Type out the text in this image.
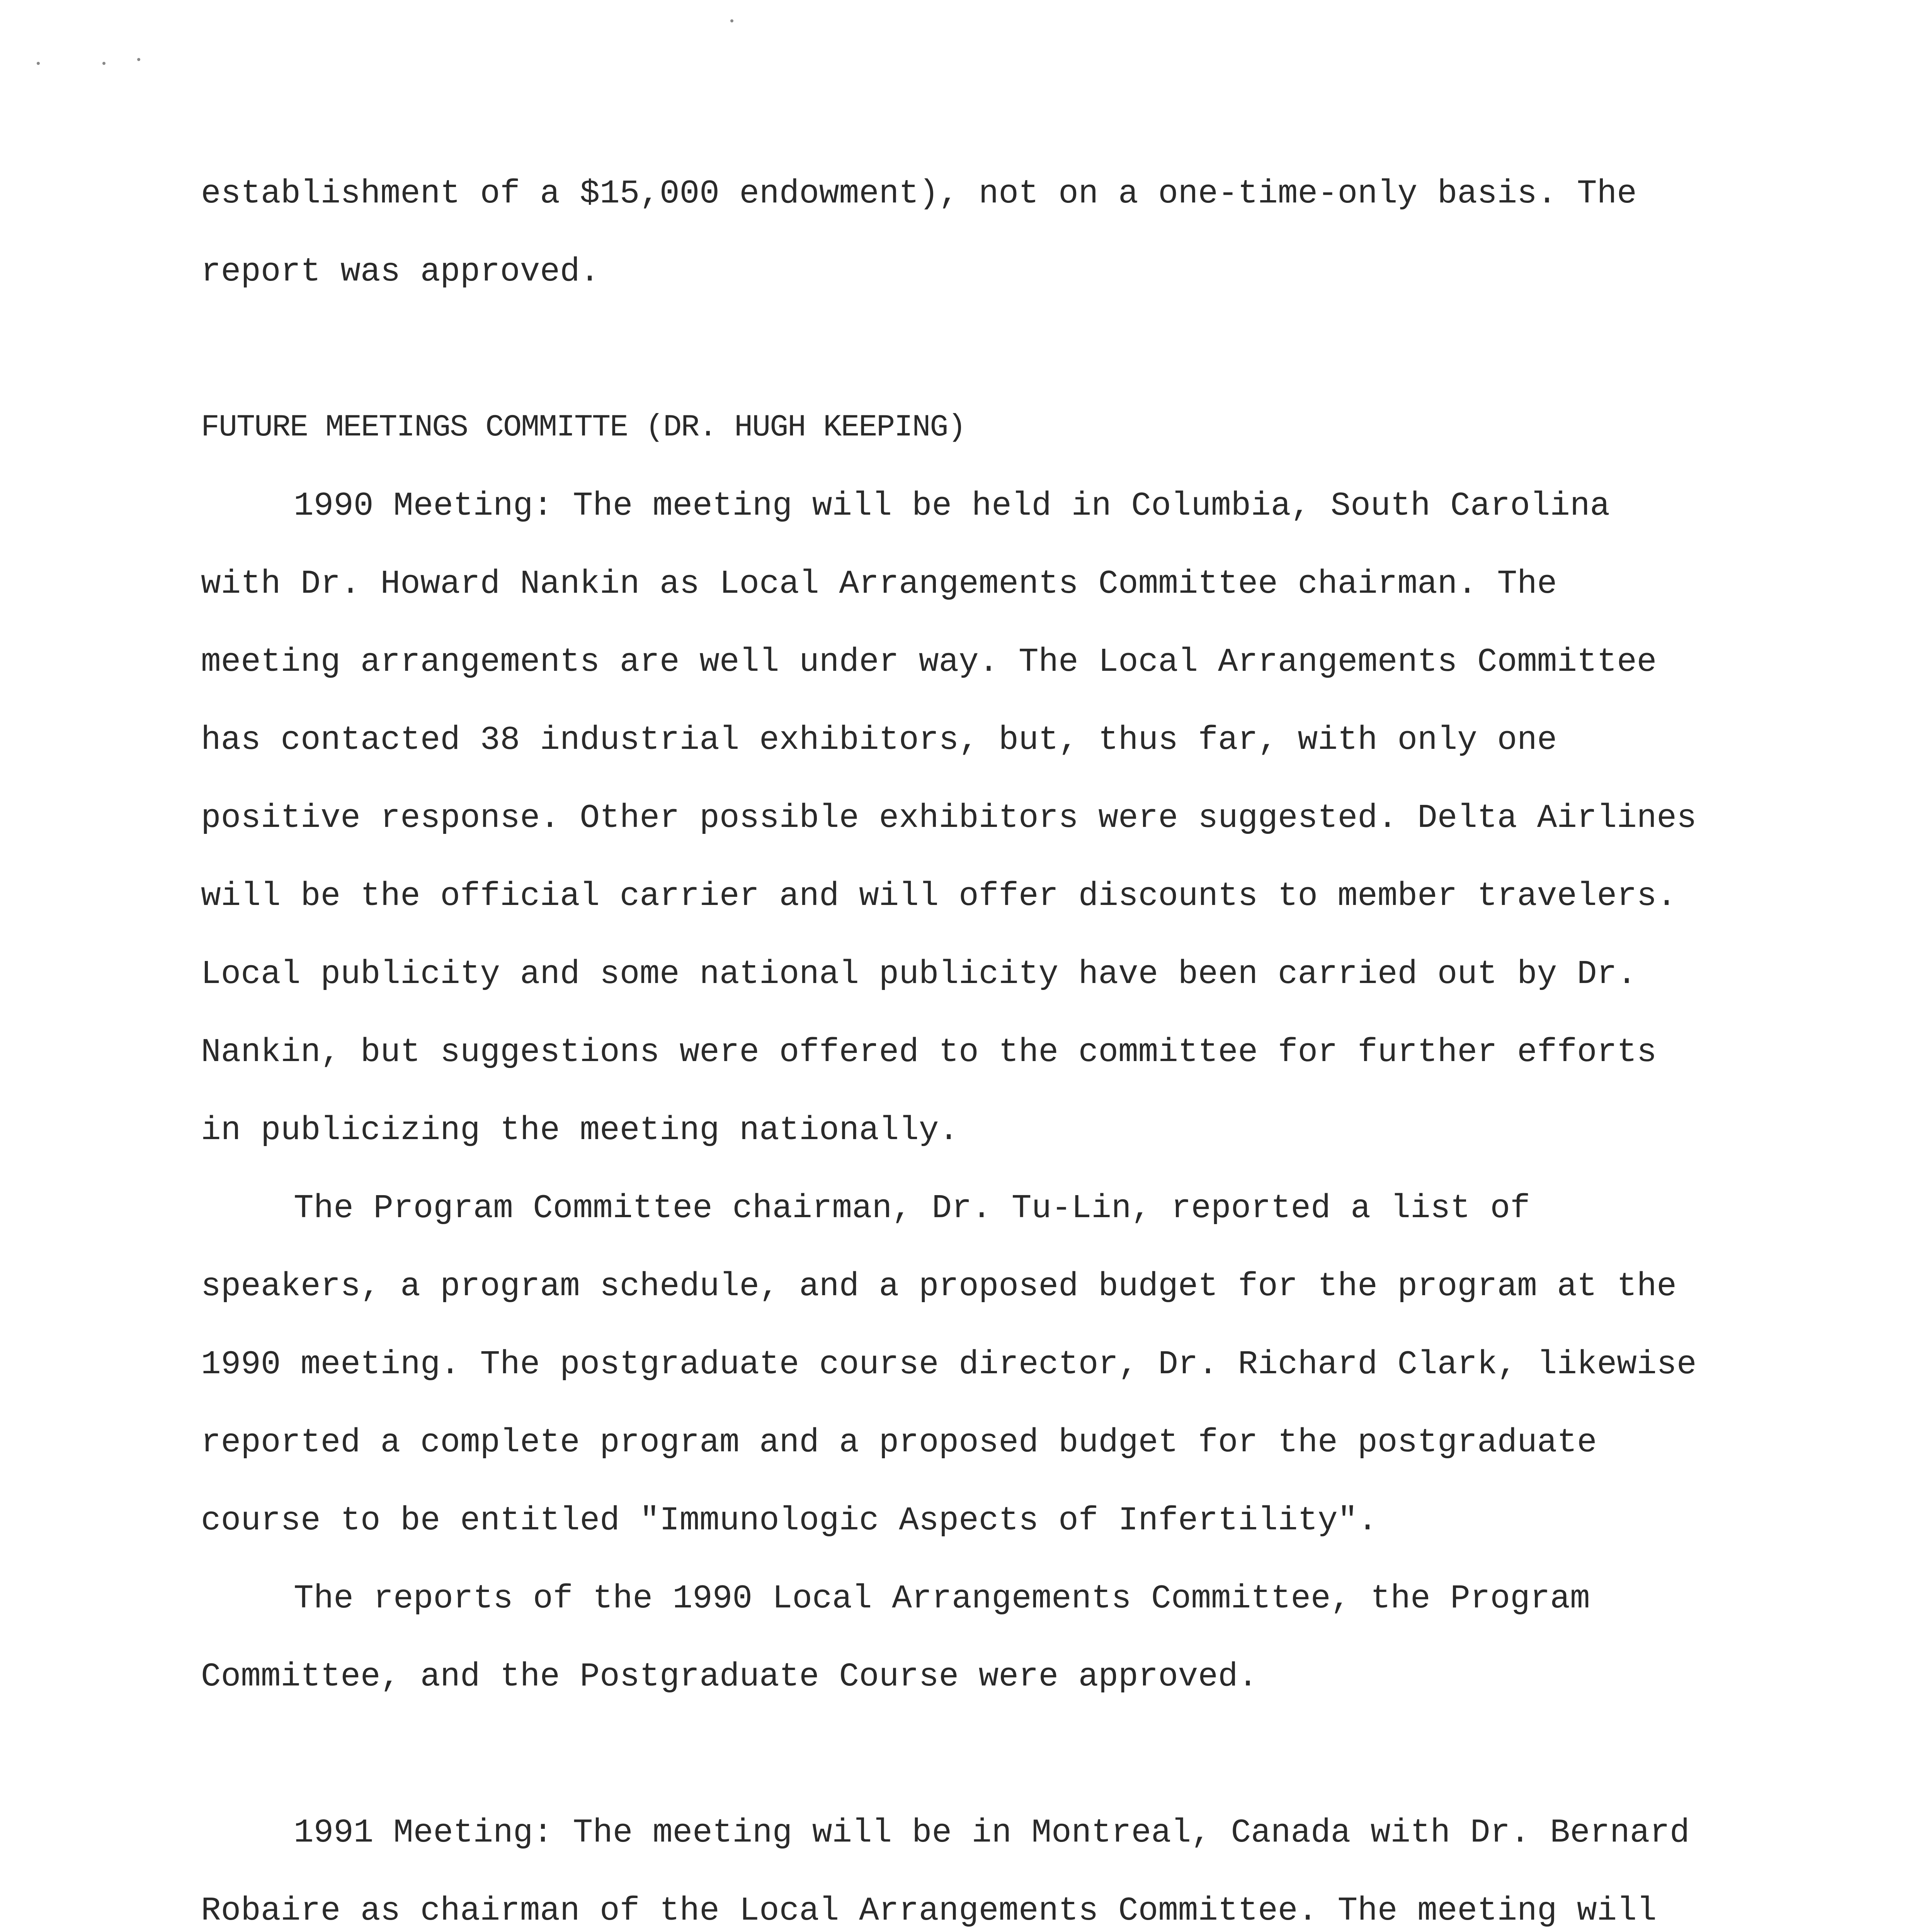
establishment of a $15,000 endowment), not on a one-time-only basis. The report was approved.

FUTURE MEETINGS COMMITTE (DR. HUGH KEEPING)

1990 Meeting: The meeting will be held in Columbia, South Carolina with Dr. Howard Nankin as Local Arrangements Committee chairman. The meeting arrangements are well under way. The Local Arrangements Committee has contacted 38 industrial exhibitors, but, thus far, with only one positive response. Other possible exhibitors were suggested. Delta Airlines will be the official carrier and will offer discounts to member travelers. Local publicity and some national publicity have been carried out by Dr. Nankin, but suggestions were offered to the committee for further efforts in publicizing the meeting nationally.

The Program Committee chairman, Dr. Tu-Lin, reported a list of speakers, a program schedule, and a proposed budget for the program at the 1990 meeting. The postgraduate course director, Dr. Richard Clark, likewise reported a complete program and a proposed budget for the postgraduate course to be entitled "Immunologic Aspects of Infertility".

The reports of the 1990 Local Arrangements Committee, the Program Committee, and the Postgraduate Course were approved.

1991 Meeting: The meeting will be in Montreal, Canada with Dr. Bernard Robaire as chairman of the Local Arrangements Committee. The meeting will
